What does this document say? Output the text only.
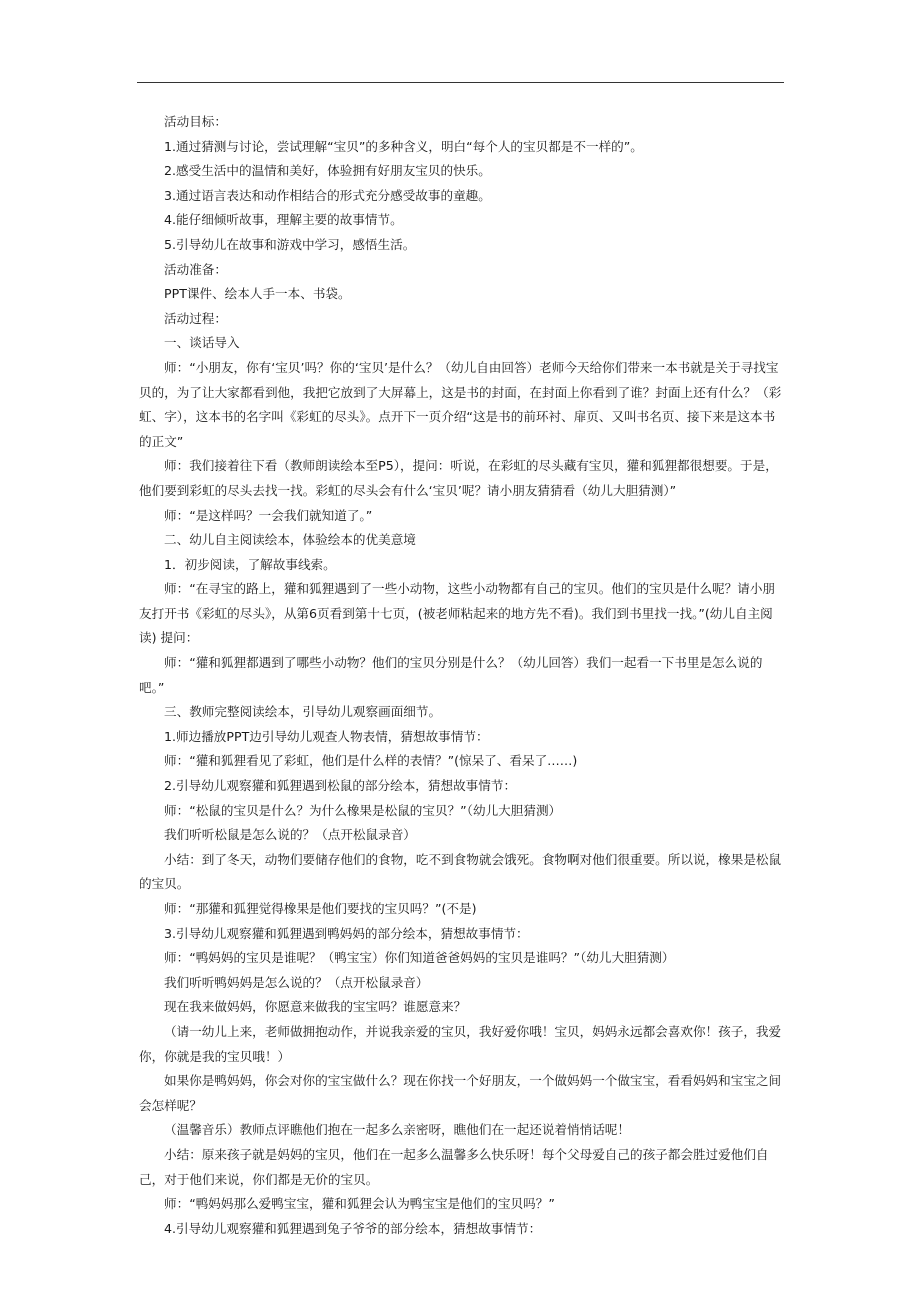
活动目标：

1.通过猜测与讨论，尝试理解“宝贝”的多种含义，明白“每个人的宝贝都是不一样的”。

2.感受生活中的温情和美好，体验拥有好朋友宝贝的快乐。

3.通过语言表达和动作相结合的形式充分感受故事的童趣。

4.能仔细倾听故事，理解主要的故事情节。

5.引导幼儿在故事和游戏中学习，感悟生活。

活动准备：

PPT课件、绘本人手一本、书袋。

活动过程：

一、谈话导入

师：“小朋友，你有‘宝贝’吗？你的‘宝贝’是什么？（幼儿自由回答）老师今天给你们带来一本书就是关于寻找宝贝的，为了让大家都看到他，我把它放到了大屏幕上，这是书的封面，在封面上你看到了谁？封面上还有什么？（彩虹、字），这本书的名字叫《彩虹的尽头》。点开下一页介绍“这是书的前环衬、扉页、又叫书名页、接下来是这本书的正文”

师：我们接着往下看（教师朗读绘本至P5），提问：听说，在彩虹的尽头藏有宝贝，獾和狐狸都很想要。于是，他们要到彩虹的尽头去找一找。彩虹的尽头会有什么‘宝贝’呢？请小朋友猜猜看（幼儿大胆猜测）”

师：“是这样吗？一会我们就知道了。”

二、幼儿自主阅读绘本，体验绘本的优美意境

1．初步阅读，了解故事线索。

师：“在寻宝的路上，獾和狐狸遇到了一些小动物，这些小动物都有自己的宝贝。他们的宝贝是什么呢？请小朋友打开书《彩虹的尽头》，从第6页看到第十七页，(被老师粘起来的地方先不看)。我们到书里找一找。”(幼儿自主阅读) 提问：

师：“獾和狐狸都遇到了哪些小动物？他们的宝贝分别是什么？（幼儿回答）我们一起看一下书里是怎么说的吧。”

三、教师完整阅读绘本，引导幼儿观察画面细节。

1.师边播放PPT边引导幼儿观查人物表情，猜想故事情节：

师：“獾和狐狸看见了彩虹，他们是什么样的表情？”(惊呆了、看呆了……)

2.引导幼儿观察獾和狐狸遇到松鼠的部分绘本，猜想故事情节：

师：“松鼠的宝贝是什么？为什么橡果是松鼠的宝贝？”（幼儿大胆猜测）

我们听听松鼠是怎么说的？（点开松鼠录音）

小结：到了冬天，动物们要储存他们的食物，吃不到食物就会饿死。食物啊对他们很重要。所以说，橡果是松鼠的宝贝。

师：“那獾和狐狸觉得橡果是他们要找的宝贝吗？”(不是)

3.引导幼儿观察獾和狐狸遇到鸭妈妈的部分绘本，猜想故事情节：

师：“鸭妈妈的宝贝是谁呢？（鸭宝宝）你们知道爸爸妈妈的宝贝是谁吗？”（幼儿大胆猜测）

我们听听鸭妈妈是怎么说的？（点开松鼠录音）

现在我来做妈妈，你愿意来做我的宝宝吗？谁愿意来？

（请一幼儿上来，老师做拥抱动作，并说我亲爱的宝贝，我好爱你哦！宝贝，妈妈永远都会喜欢你！孩子，我爱你，你就是我的宝贝哦！）

如果你是鸭妈妈，你会对你的宝宝做什么？现在你找一个好朋友，一个做妈妈一个做宝宝，看看妈妈和宝宝之间会怎样呢？

（温馨音乐）教师点评瞧他们抱在一起多么亲密呀，瞧他们在一起还说着悄悄话呢！

小结：原来孩子就是妈妈的宝贝，他们在一起多么温馨多么快乐呀！每个父母爱自己的孩子都会胜过爱他们自己，对于他们来说，你们都是无价的宝贝。

师：“鸭妈妈那么爱鸭宝宝，獾和狐狸会认为鸭宝宝是他们的宝贝吗？”

4.引导幼儿观察獾和狐狸遇到兔子爷爷的部分绘本，猜想故事情节：
